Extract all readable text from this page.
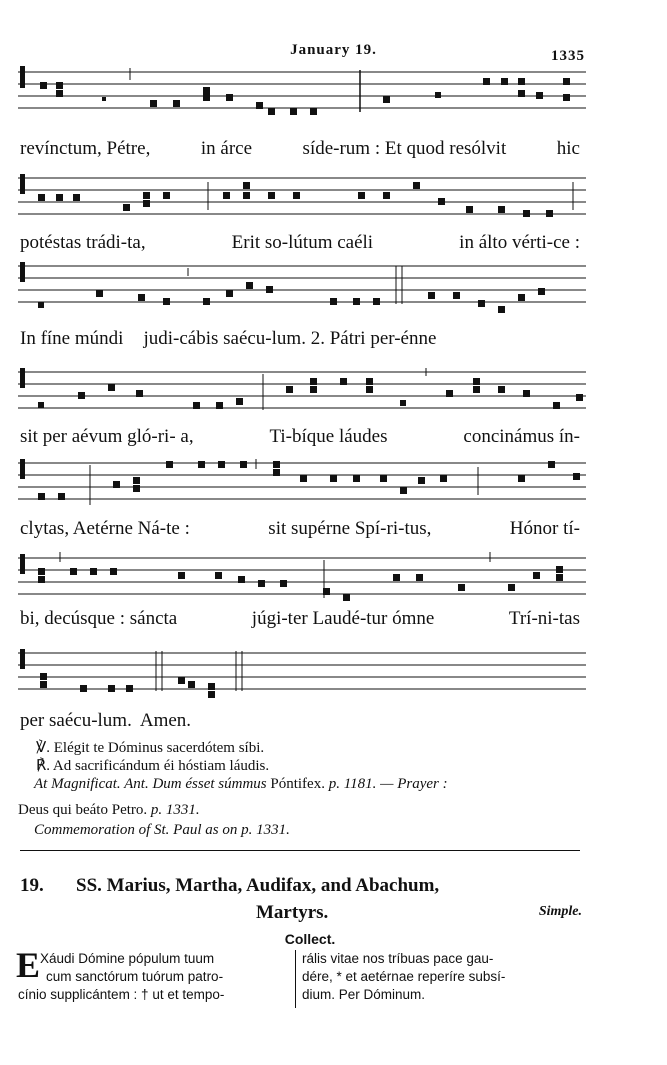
January 19.	1335
revínctum, Pétre,	in árce	síde-rum : Et quod resólvit	hic
potéstas trádi-ta,	Erit so-lútum caéli	in álto vérti-ce :
In fíne múndi judi-cábis saécu-lum. 2. Pátri per-énne
sit per aévum gló-ri- a,	Ti-bíque láudes	concinámus ín-
clytas, Aetérne Ná-te :	sit supérne Spí-ri-tus,	Hónor tí-
bi, decúsque : sáncta	júgi-ter Laudé-tur ómne	Trí-ni-tas
per saécu-lum. Amen.
℣. Elégit te Dóminus sacerdótem síbi.
℟. Ad sacrificándum éi hóstiam láudis.
At Magnificat. Ant. Dum ésset súmmus Póntifex. p. 1181. — Prayer :
Deus qui beáto Petro. p. 1331.
Commemoration of St. Paul as on p. 1331.
19. SS. Marius, Martha, Audifax, and Abachum,
Martyrs.	Simple.
Collect.
E Xáudi Dómine pópulum tuum
cum sanctórum tuórum patro-
cínio supplicántem : † ut et tempo-
rális vitae nos tríbuas pace gau-
dére, * et aetérnae reperíre subsí-
dium. Per Dóminum.
